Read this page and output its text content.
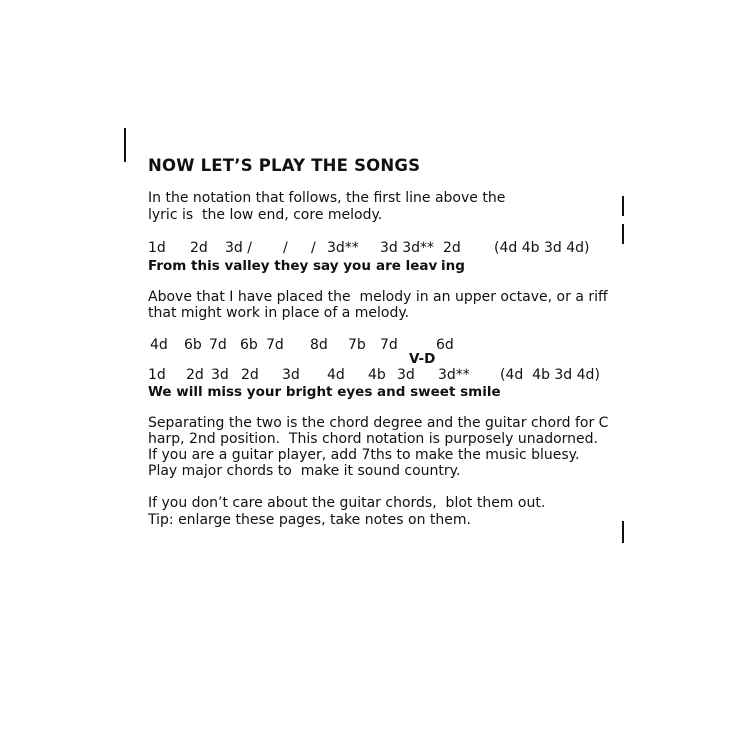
NOW LET’S PLAY THE SONGS
In the notation that follows, the first line above the
lyric is  the low end, core melody.
1d 2d 3d / / / 3d** 3d 3d** 2d (4d 4b 3d 4d)
From this valley they say you are leav ing
Above that I have placed the  melody in an upper octave, or a riff
that might work in place of a melody.
4d 6b 7d 6b 7d 8d 7b 7d	6d
V-D
1d 2d 3d 2d 3d 4d 4b 3d 3d** (4d  4b 3d 4d)
We will miss your bright eyes and sweet smile
Separating the two is the chord degree and the guitar chord for C
harp, 2nd position.  This chord notation is purposely unadorned.
If you are a guitar player, add 7ths to make the music bluesy.
Play major chords to  make it sound country.
If you don’t care about the guitar chords,  blot them out.
Tip: enlarge these pages, take notes on them.
